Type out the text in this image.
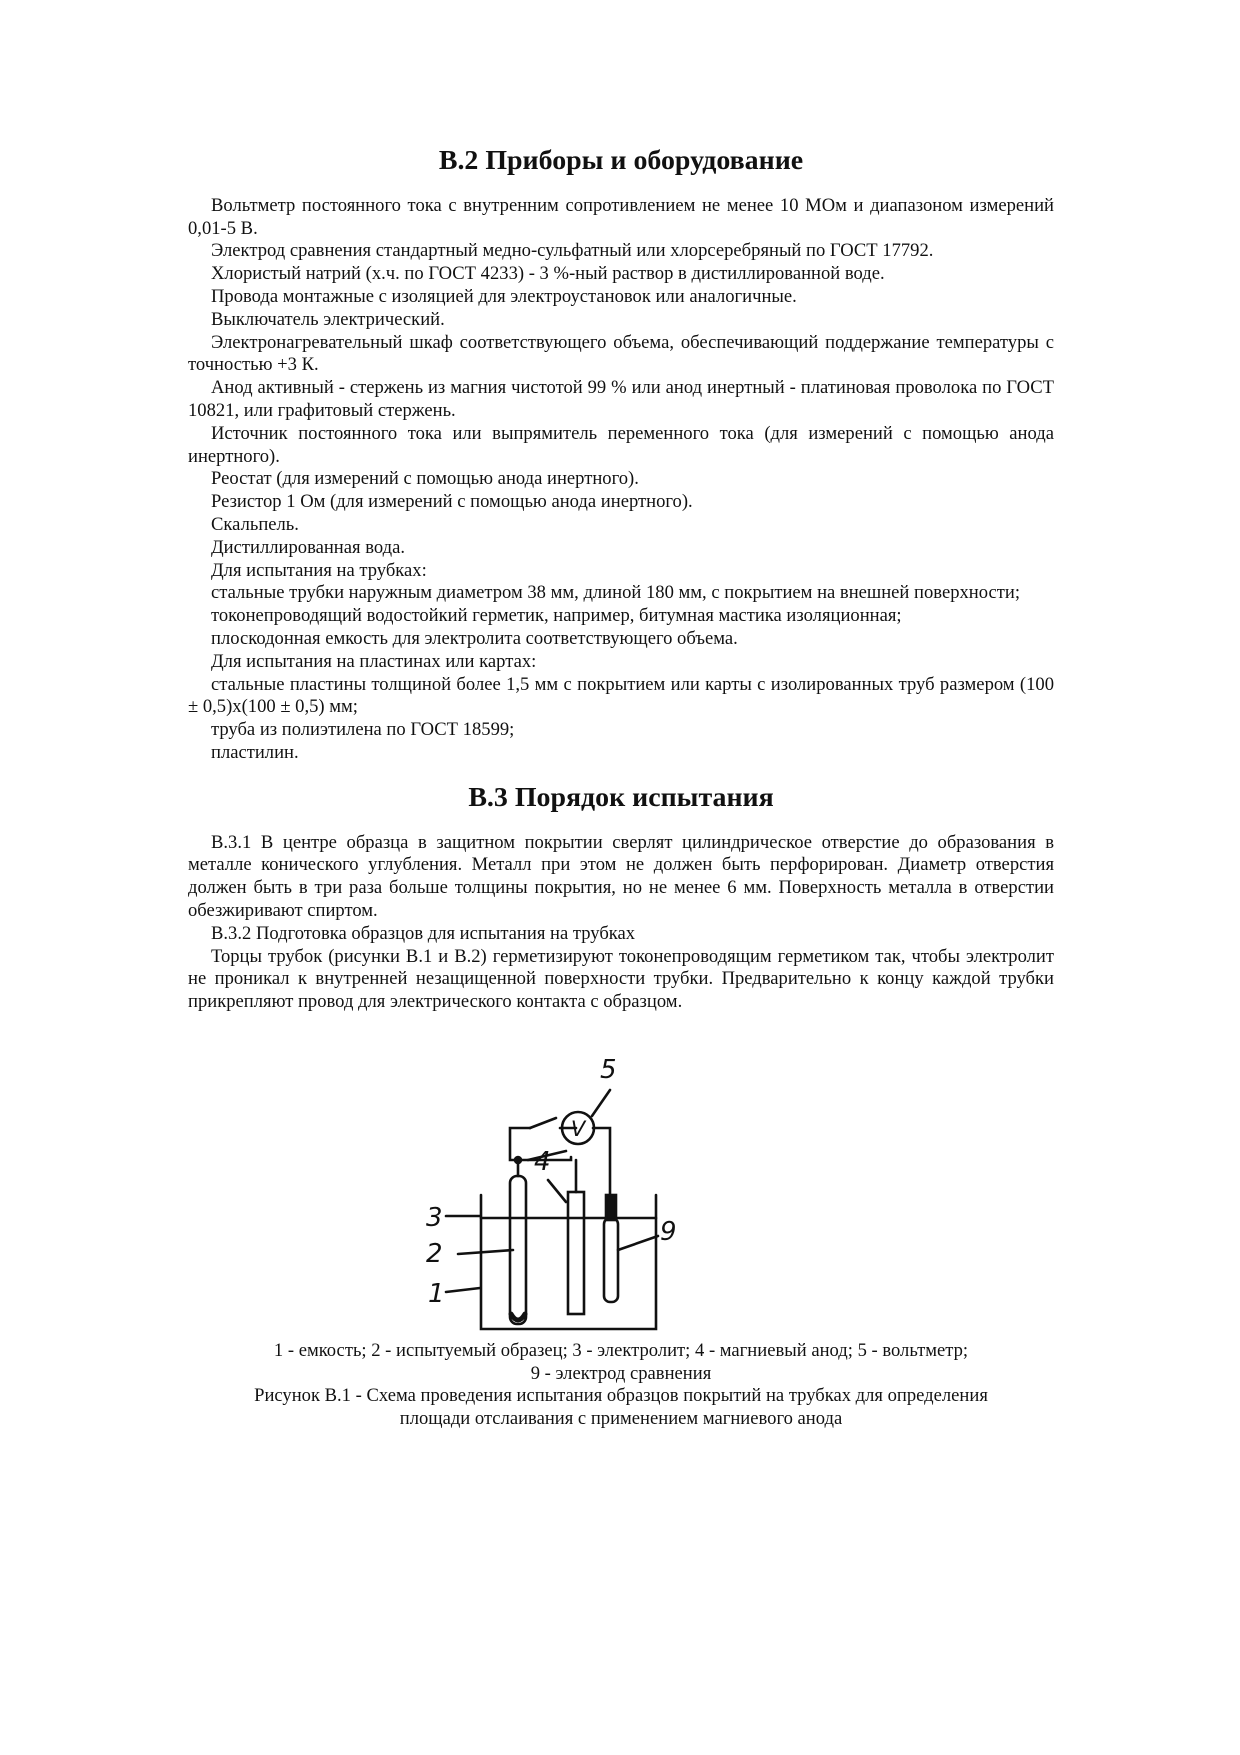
В.2 Приборы и оборудование

Вольтметр постоянного тока с внутренним сопротивлением не менее 10 МОм и диапазоном измерений 0,01-5 В.

Электрод сравнения стандартный медно-сульфатный или хлорсеребряный по ГОСТ 17792.

Хлористый натрий (х.ч. по ГОСТ 4233) - 3 %-ный раствор в дистиллированной воде.

Провода монтажные с изоляцией для электроустановок или аналогичные.

Выключатель электрический.

Электронагревательный шкаф соответствующего объема, обеспечивающий поддержание температуры с точностью +3 К.

Анод активный - стержень из магния чистотой 99 % или анод инертный - платиновая проволока по ГОСТ 10821, или графитовый стержень.

Источник постоянного тока или выпрямитель переменного тока (для измерений с помощью анода инертного).

Реостат (для измерений с помощью анода инертного).

Резистор 1 Ом (для измерений с помощью анода инертного).

Скальпель.

Дистиллированная вода.

Для испытания на трубках:

стальные трубки наружным диаметром 38 мм, длиной 180 мм, с покрытием на внешней поверхности;

токонепроводящий водостойкий герметик, например, битумная мастика изоляционная;

плоскодонная емкость для электролита соответствующего объема.

Для испытания на пластинах или картах:

стальные пластины толщиной более 1,5 мм с покрытием или карты с изолированных труб размером (100 ± 0,5)х(100 ± 0,5) мм;

труба из полиэтилена по ГОСТ 18599;

пластилин.

В.3 Порядок испытания

В.3.1 В центре образца в защитном покрытии сверлят цилиндрическое отверстие до образования в металле конического углубления. Металл при этом не должен быть перфорирован. Диаметр отверстия должен быть в три раза больше толщины покрытия, но не менее 6 мм. Поверхность металла в отверстии обезжиривают спиртом.

В.3.2 Подготовка образцов для испытания на трубках

Торцы трубок (рисунки В.1 и В.2) герметизируют токонепроводящим герметиком так, чтобы электролит не проникал к внутренней незащищенной поверхности трубки. Предварительно к концу каждой трубки прикрепляют провод для электрического контакта с образцом.

5
4
3
2
1
9
V

1 - емкость; 2 - испытуемый образец; 3 - электролит; 4 - магниевый анод; 5 - вольтметр;

9 - электрод сравнения

Рисунок В.1 - Схема проведения испытания образцов покрытий на трубках для определения

площади отслаивания с применением магниевого анода
